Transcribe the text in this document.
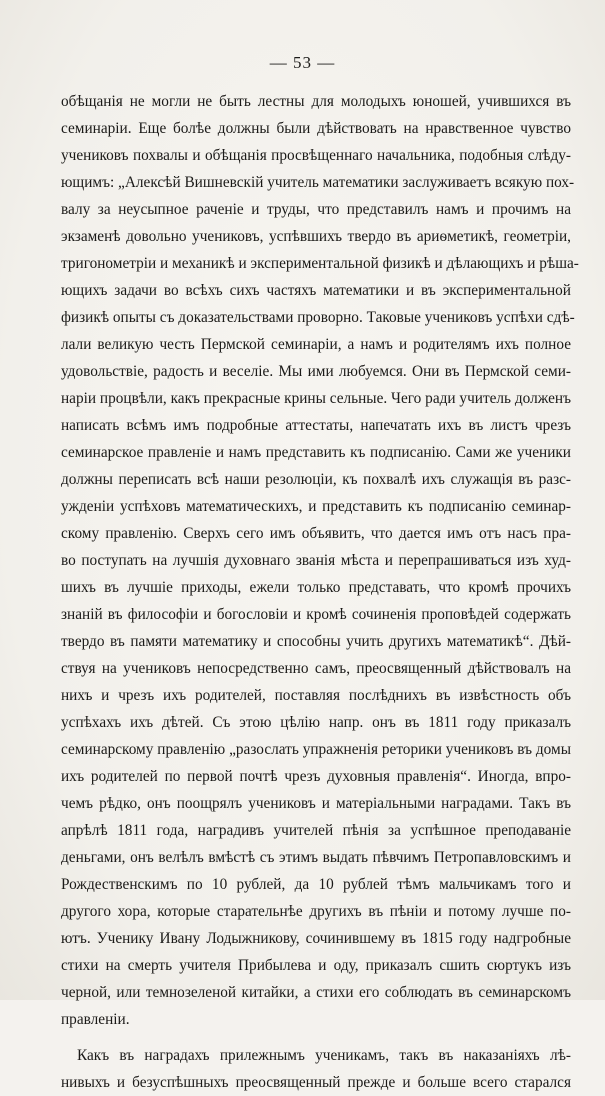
— 53 —
обѣщанія не могли не быть лестны для молодыхъ юношей, учившихся въ
семинаріи. Еще болѣе должны были дѣйствовать на нравственное чувство
учениковъ похвалы и обѣщанія просвѣщеннаго начальника, подобныя слѣду-
ющимъ: „Алексѣй Вишневскій учитель математики заслуживаетъ всякую пох-
валу за неусыпное раченіе и труды, что представилъ намъ и прочимъ на
экзаменѣ довольно учениковъ, успѣвшихъ твердо въ ариѳметикѣ, геометріи,
тригонометріи и механикѣ и экспериментальной физикѣ и дѣлающихъ и рѣша-
ющихъ задачи во всѣхъ сихъ частяхъ математики и въ экспериментальной
физикѣ опыты съ доказательствами проворно. Таковые учениковъ успѣхи сдѣ-
лали великую честь Пермской семинаріи, а намъ и родителямъ ихъ полное
удовольствіе, радость и веселіе. Мы ими любуемся. Они въ Пермской семи-
наріи процвѣли, какъ прекрасные крины сельные. Чего ради учитель долженъ
написать всѣмъ имъ подробные аттестаты, напечатать ихъ въ листъ чрезъ
семинарское правленіе и намъ представить къ подписанію. Сами же ученики
должны переписать всѣ наши резолюціи, къ похвалѣ ихъ служащія въ разс-
ужденіи успѣховъ математическихъ, и представить къ подписанію семинар-
скому правленію. Сверхъ сего имъ объявить, что дается имъ отъ насъ пра-
во поступать на лучшія духовнаго званія мѣста и перепрашиваться изъ худ-
шихъ въ лучшіе приходы, ежели только представать, что кромѣ прочихъ
знаній въ философіи и богословіи и кромѣ сочиненія проповѣдей содержать
твердо въ памяти математику и способны учить другихъ математикѣ“. Дѣй-
ствуя на учениковъ непосредственно самъ, преосвященный дѣйствовалъ на
нихъ и чрезъ ихъ родителей, поставляя послѣднихъ въ извѣстность объ
успѣхахъ ихъ дѣтей. Съ этою цѣлію напр. онъ въ 1811 году приказалъ
семинарскому правленію „разослать упражненія реторики учениковъ въ домы
ихъ родителей по первой почтѣ чрезъ духовныя правленія“. Иногда, впро-
чемъ рѣдко, онъ поощрялъ учениковъ и матеріальными наградами. Такъ въ
апрѣлѣ 1811 года, наградивъ учителей пѣнія за успѣшное преподаваніе
деньгами, онъ велѣлъ вмѣстѣ съ этимъ выдать пѣвчимъ Петропавловскимъ и
Рождественскимъ по 10 рублей, да 10 рублей тѣмъ мальчикамъ того и
другого хора, которые старательнѣе другихъ въ пѣніи и потому лучше по-
ютъ. Ученику Ивану Лодыжникову, сочинившему въ 1815 году надгробные
стихи на смерть учителя Прибылева и оду, приказалъ сшить сюртукъ изъ
черной, или темнозеленой китайки, а стихи его соблюдать въ семинарскомъ
правленіи.
Какъ въ наградахъ прилежнымъ ученикамъ, такъ въ наказаніяхъ лѣ-
нивыхъ и безуспѣшныхъ преосвященный прежде и больше всего старался
